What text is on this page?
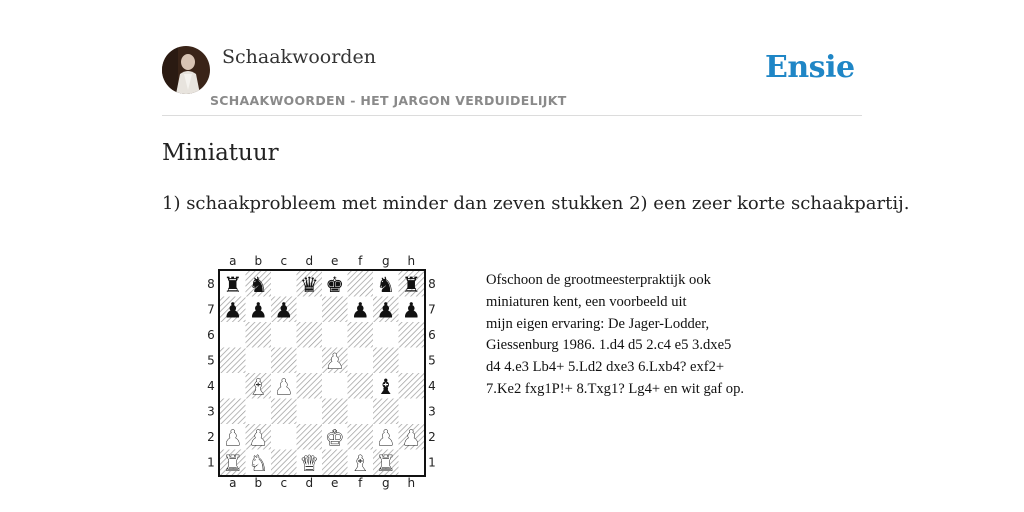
Schaakwoorden
SCHAAKWOORDEN - HET JARGON VERDUIDELIJKT
Ensie
Miniatuur

1) schaakprobleem met minder dan zeven stukken 2) een zeer korte schaakpartij.

a
a
b
b
c
c
d
d
e
e
f
f
g
g
h
h
8	8
7	7
6	6
5	5
4	4
3	3
2	2
1	1
♜ ♞ ♛ ♚ ♞ ♜
♟ ♟ ♟	♟ ♟ ♟
♟
♝ ♟	♝
♟ ♟	♚ ♟ ♟
♜ ♞ ♛ ♝ ♜
Ofschoon de grootmeesterpraktijk ook
miniaturen kent, een voorbeeld uit
mijn eigen ervaring: De Jager-Lodder,
Giessenburg 1986. 1.d4 d5 2.c4 e5 3.dxe5
d4 4.e3 Lb4+ 5.Ld2 dxe3 6.Lxb4? exf2+
7.Ke2 fxg1P!+ 8.Txg1? Lg4+ en wit gaf op.
